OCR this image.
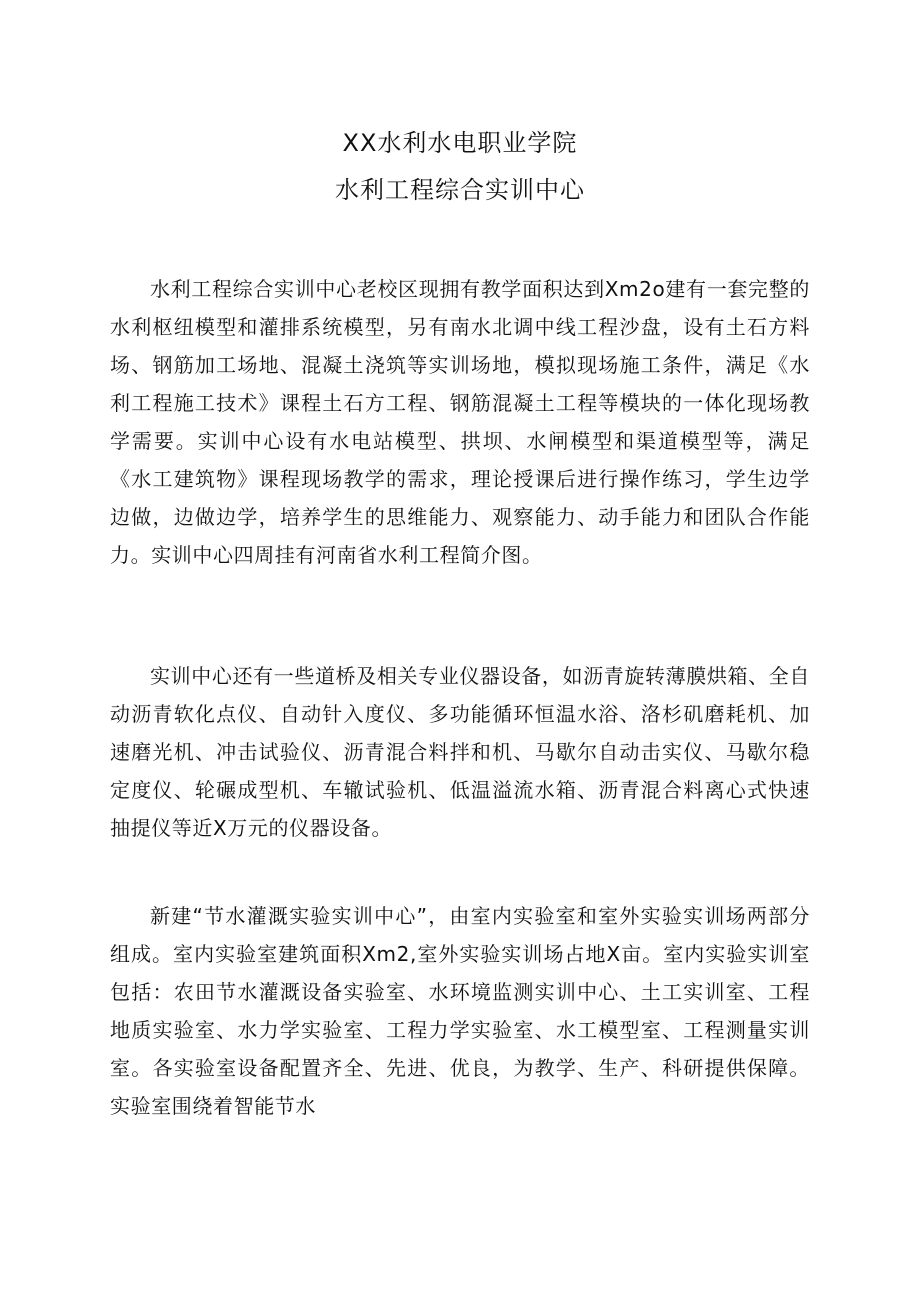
XX水利水电职业学院
水利工程综合实训中心

水利工程综合实训中心老校区现拥有教学面积达到Xm2o建有一套完整的水利枢纽模型和灌排系统模型，另有南水北调中线工程沙盘，设有土石方料场、钢筋加工场地、混凝土浇筑等实训场地，模拟现场施工条件，满足《水利工程施工技术》课程土石方工程、钢筋混凝土工程等模块的一体化现场教学需要。实训中心设有水电站模型、拱坝、水闸模型和渠道模型等，满足《水工建筑物》课程现场教学的需求，理论授课后进行操作练习，学生边学边做，边做边学，培养学生的思维能力、观察能力、动手能力和团队合作能力。实训中心四周挂有河南省水利工程简介图。

实训中心还有一些道桥及相关专业仪器设备，如沥青旋转薄膜烘箱、全自动沥青软化点仪、自动针入度仪、多功能循环恒温水浴、洛杉矶磨耗机、加速磨光机、冲击试验仪、沥青混合料拌和机、马歇尔自动击实仪、马歇尔稳定度仪、轮碾成型机、车辙试验机、低温溢流水箱、沥青混合料离心式快速抽提仪等近X万元的仪器设备。

新建“节水灌溉实验实训中心”，由室内实验室和室外实验实训场两部分组成。室内实验室建筑面积Xm2,室外实验实训场占地X亩。室内实验实训室包括：农田节水灌溉设备实验室、水环境监测实训中心、土工实训室、工程地质实验室、水力学实验室、工程力学实验室、水工模型室、工程测量实训室。各实验室设备配置齐全、先进、优良，为教学、生产、科研提供保障。实验室围绕着智能节水
